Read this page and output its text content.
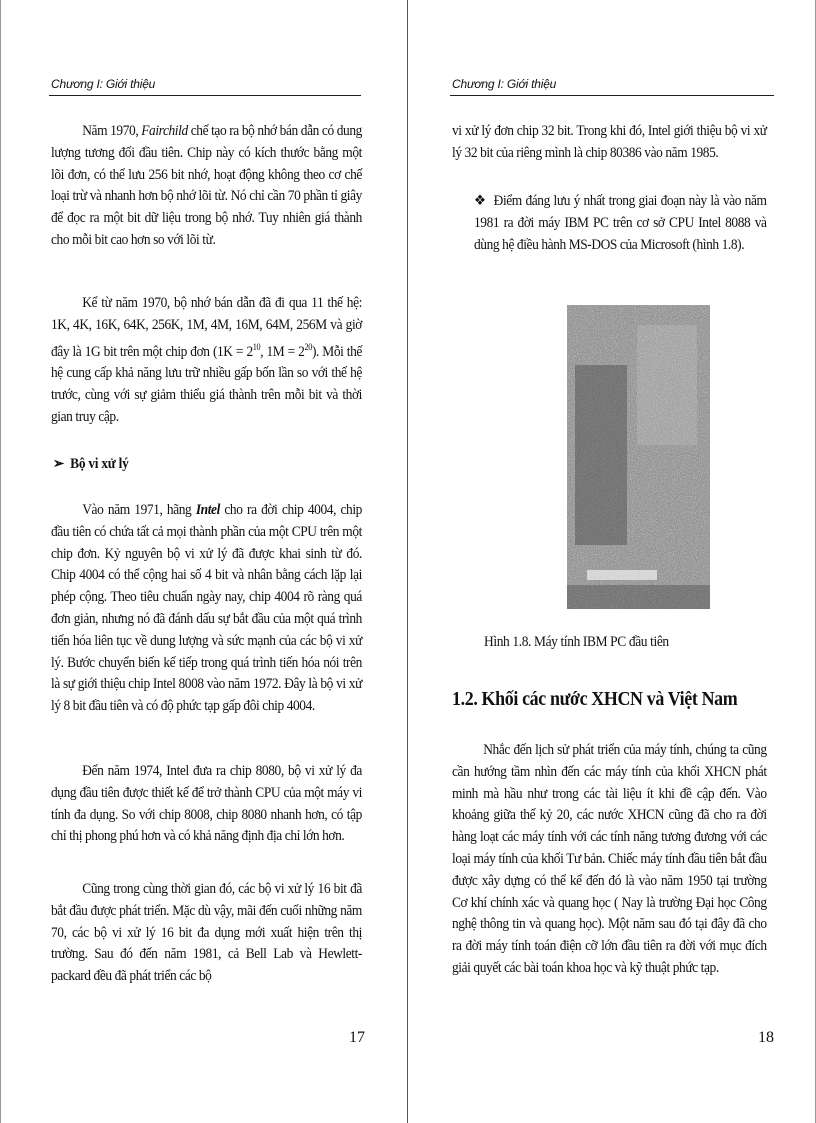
Chương I: Giới thiệu

Năm 1970, Fairchild chế tạo ra bộ nhớ bán dẫn có dung lượng tương đối đầu tiên. Chip này có kích thước bằng một lõi đơn, có thể lưu 256 bit nhớ, hoạt động không theo cơ chế loại trừ và nhanh hơn bộ nhớ lõi từ. Nó chỉ cần 70 phần tỉ giây để đọc ra một bit dữ liệu trong bộ nhớ. Tuy nhiên giá thành cho mỗi bit cao hơn so với lõi từ.

Kể từ năm 1970, bộ nhớ bán dẫn đã đi qua 11 thế hệ: 1K, 4K, 16K, 64K, 256K, 1M, 4M, 16M, 64M, 256M và giờ đây là 1G bit trên một chip đơn ($1K = 2^{10}$, $1M = 2^{20}$). Mỗi thế hệ cung cấp khả năng lưu trữ nhiều gấp bốn lần so với thế hệ trước, cùng với sự giảm thiểu giá thành trên mỗi bit và thời gian truy cập.

➢ Bộ vi xử lý

Vào năm 1971, hãng Intel cho ra đời chip 4004, chip đầu tiên có chứa tất cả mọi thành phần của một CPU trên một chip đơn. Kỷ nguyên bộ vi xử lý đã được khai sinh từ đó. Chip 4004 có thể cộng hai số 4 bit và nhân bằng cách lặp lại phép cộng. Theo tiêu chuẩn ngày nay, chip 4004 rõ ràng quá đơn giản, nhưng nó đã đánh dấu sự bắt đầu của một quá trình tiến hóa liên tục về dung lượng và sức mạnh của các bộ vi xử lý. Bước chuyển biến kế tiếp trong quá trình tiến hóa nói trên là sự giới thiệu chip Intel 8008 vào năm 1972. Đây là bộ vi xử lý 8 bit đầu tiên và có độ phức tạp gấp đôi chip 4004.

Đến năm 1974, Intel đưa ra chip 8080, bộ vi xử lý đa dụng đầu tiên được thiết kế để trở thành CPU của một máy vi tính đa dụng. So với chip 8008, chip 8080 nhanh hơn, có tập chỉ thị phong phú hơn và có khả năng định địa chỉ lớn hơn.

Cũng trong cùng thời gian đó, các bộ vi xử lý 16 bit đã bắt đầu được phát triển. Mặc dù vậy, mãi đến cuối những năm 70, các bộ vi xử lý 16 bit đa dụng mới xuất hiện trên thị trường. Sau đó đến năm 1981, cả Bell Lab và Hewlett-packard đều đã phát triển các bộ

17
Chương I: Giới thiệu

vi xử lý đơn chip 32 bit. Trong khi đó, Intel giới thiệu bộ vi xử lý 32 bit của riêng mình là chip 80386 vào năm 1985.

❖ Điểm đáng lưu ý nhất trong giai đoạn này là vào năm 1981 ra đời máy IBM PC trên cơ sở CPU Intel 8088 và dùng hệ điều hành MS-DOS của Microsoft (hình 1.8).
Hình 1.8. Máy tính IBM PC đầu tiên
1.2. Khối các nước XHCN và Việt Nam

Nhắc đến lịch sử phát triển của máy tính, chúng ta cũng cần hướng tầm nhìn đến các máy tính của khối XHCN phát minh mà hầu như trong các tài liệu ít khi đề cập đến. Vào khoảng giữa thế kỷ 20, các nước XHCN cũng đã cho ra đời hàng loạt các máy tính với các tính năng tương đương với các loại máy tính của khối Tư bản. Chiếc máy tính đầu tiên bắt đầu được xây dựng có thể kể đến đó là vào năm 1950 tại trường Cơ khí chính xác và quang học ( Nay là trường Đại học Công nghệ thông tin và quang học). Một năm sau đó tại đây đã cho ra đời máy tính toán điện cỡ lớn đầu tiên ra đời với mục đích giải quyết các bài toán khoa học và kỹ thuật phức tạp.

18
